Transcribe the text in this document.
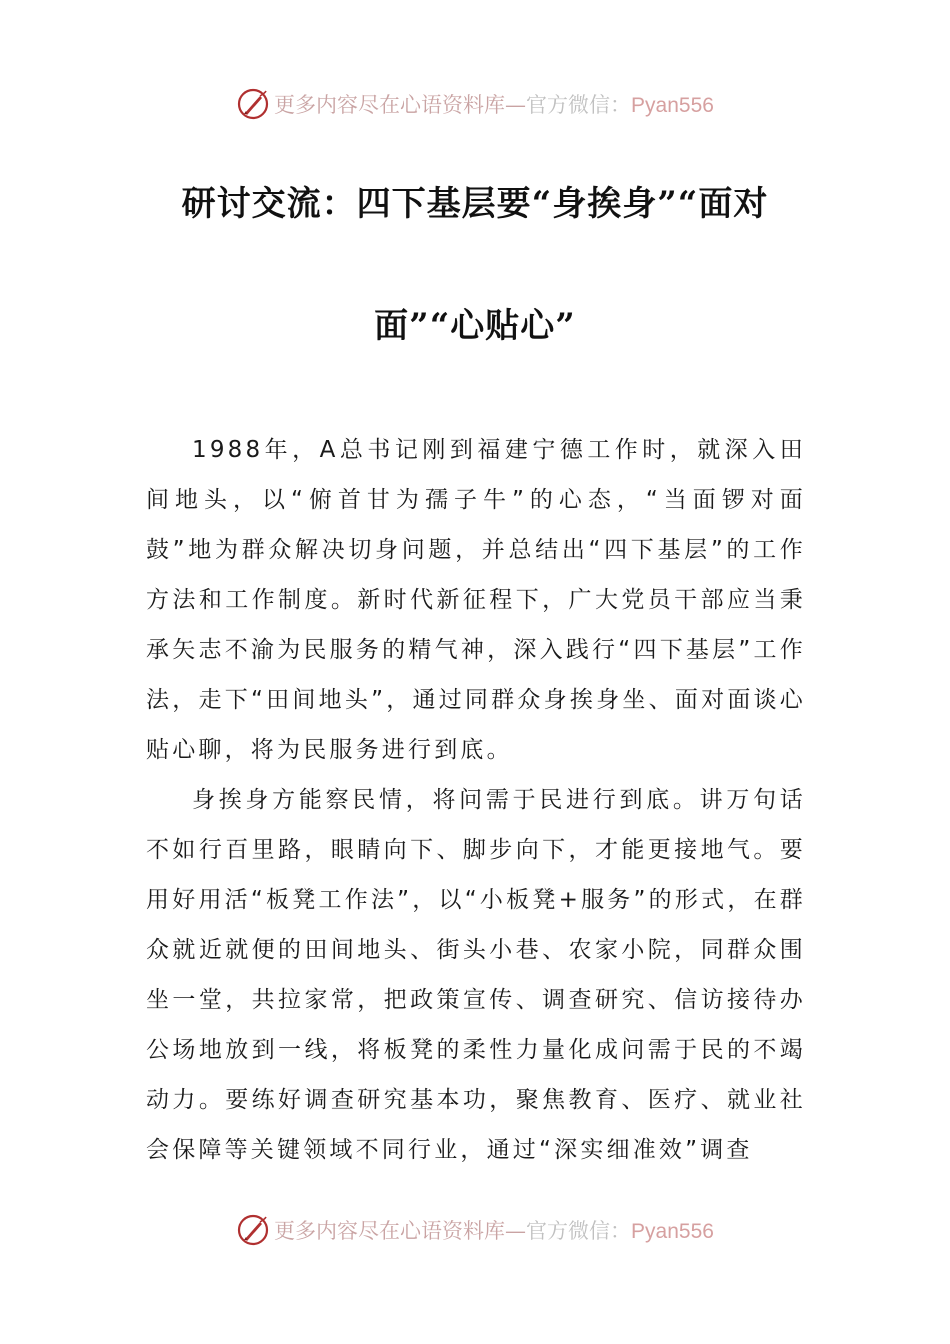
更多内容尽在心语资料库—官方微信：Pyan556
研讨交流：四下基层要“身挨身”“面对
面”“心贴心”

1988年，A总书记刚到福建宁德工作时，就深入田间地头，以“俯首甘为孺子牛”的心态，“当面锣对面鼓”地为群众解决切身问题，并总结出“四下基层”的工作方法和工作制度。新时代新征程下，广大党员干部应当秉承矢志不渝为民服务的精气神，深入践行“四下基层”工作法，走下“田间地头”，通过同群众身挨身坐、面对面谈心贴心聊，将为民服务进行到底。

身挨身方能察民情，将问需于民进行到底。讲万句话不如行百里路，眼睛向下、脚步向下，才能更接地气。要用好用活“板凳工作法”，以“小板凳+服务”的形式，在群众就近就便的田间地头、街头小巷、农家小院，同群众围坐一堂，共拉家常，把政策宣传、调查研究、信访接待办公场地放到一线，将板凳的柔性力量化成问需于民的不竭动力。要练好调查研究基本功，聚焦教育、医疗、就业社会保障等关键领域不同行业，通过“深实细准效”调查

更多内容尽在心语资料库—官方微信：Pyan556
